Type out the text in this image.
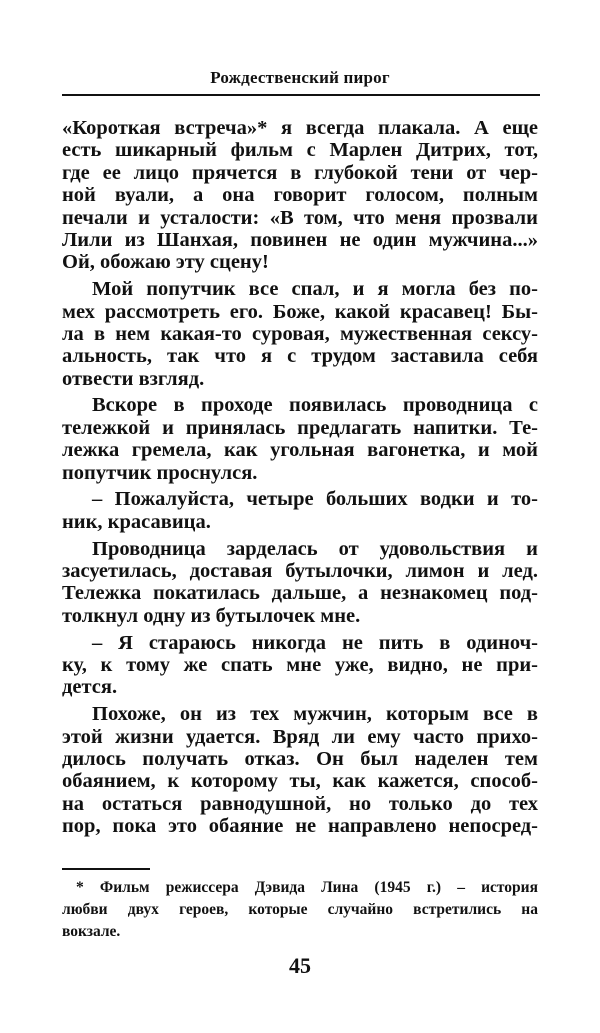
Рождественский пирог
«Короткая встреча»* я всегда плакала. А еще
есть шикарный фильм с Марлен Дитрих, тот,
где ее лицо прячется в глубокой тени от чер-
ной вуали, а она говорит голосом, полным
печали и усталости: «В том, что меня прозвали
Лили из Шанхая, повинен не один мужчина...»
Ой, обожаю эту сцену!
Мой попутчик все спал, и я могла без по-
мех рассмотреть его. Боже, какой красавец! Бы-
ла в нем какая-то суровая, мужественная сексу-
альность, так что я с трудом заставила себя
отвести взгляд.
Вскоре в проходе появилась проводница с
тележкой и принялась предлагать напитки. Те-
лежка гремела, как угольная вагонетка, и мой
попутчик проснулся.
– Пожалуйста, четыре больших водки и то-
ник, красавица.
Проводница зарделась от удовольствия и
засуетилась, доставая бутылочки, лимон и лед.
Тележка покатилась дальше, а незнакомец под-
толкнул одну из бутылочек мне.
– Я стараюсь никогда не пить в одиноч-
ку, к тому же спать мне уже, видно, не при-
дется.
Похоже, он из тех мужчин, которым все в
этой жизни удается. Вряд ли ему часто прихо-
дилось получать отказ. Он был наделен тем
обаянием, к которому ты, как кажется, способ-
на остаться равнодушной, но только до тех
пор, пока это обаяние не направлено непосред-
* Фильм режиссера Дэвида Лина (1945 г.) – история
любви двух героев, которые случайно встретились на
вокзале.
45
